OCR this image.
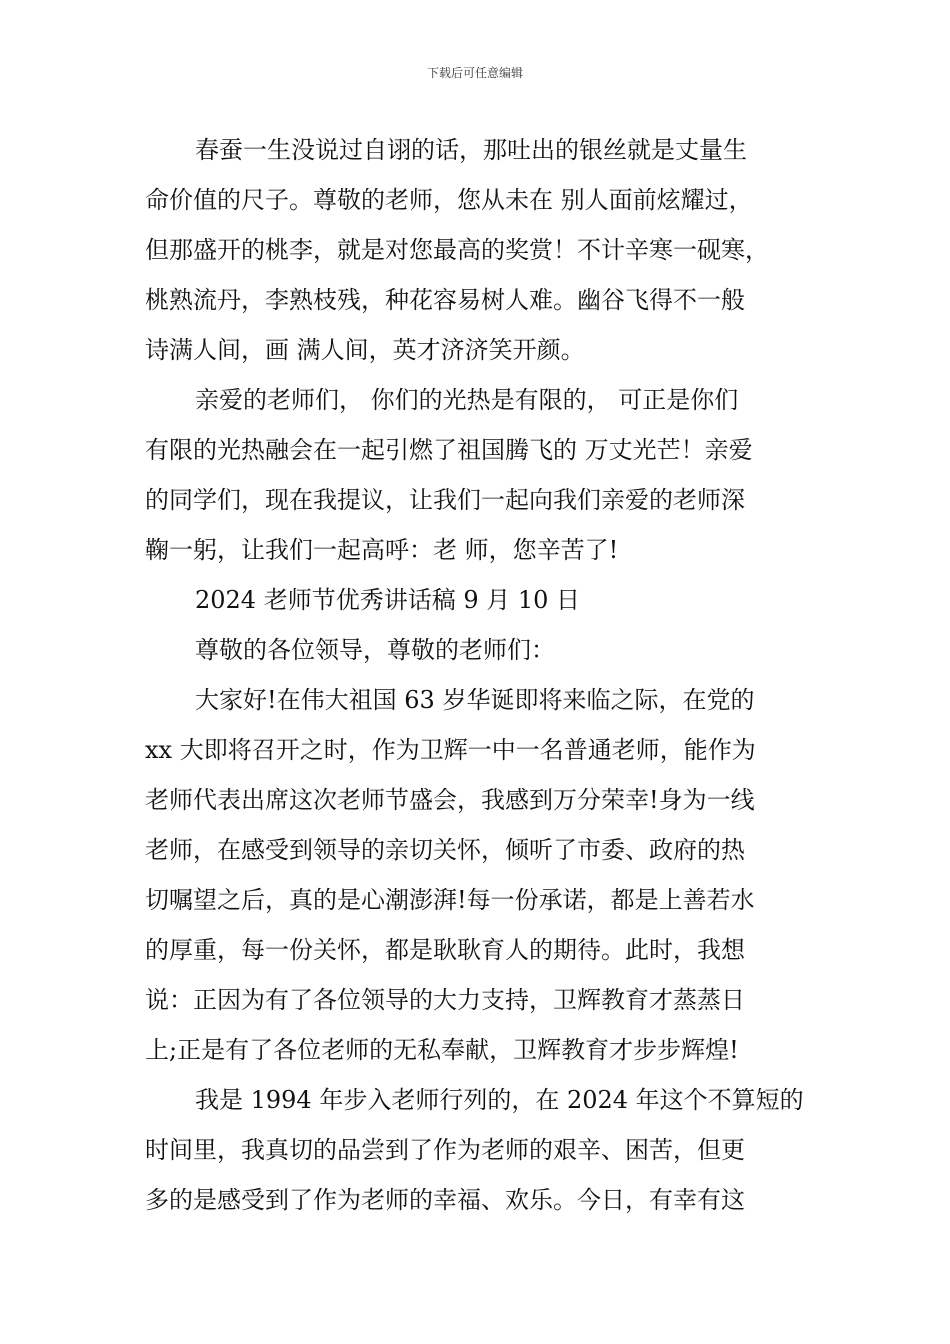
下载后可任意编辑
春蚕一生没说过自诩的话，那吐出的银丝就是丈量生
命价值的尺子。尊敬的老师，您从未在 别人面前炫耀过，
但那盛开的桃李，就是对您最高的奖赏！不计辛寒一砚寒，
桃熟流丹，李熟枝残，种花容易树人难。幽谷飞得不一般
诗满人间，画 满人间，英才济济笑开颜。
亲爱的老师们， 你们的光热是有限的， 可正是你们
有限的光热融会在一起引燃了祖国腾飞的 万丈光芒！亲爱
的同学们，现在我提议，让我们一起向我们亲爱的老师深
鞠一躬，让我们一起高呼：老 师，您辛苦了!
2024 老师节优秀讲话稿 9 月 10 日
尊敬的各位领导，尊敬的老师们：
大家好!在伟大祖国 63 岁华诞即将来临之际，在党的
xx 大即将召开之时，作为卫辉一中一名普通老师，能作为
老师代表出席这次老师节盛会，我感到万分荣幸!身为一线
老师，在感受到领导的亲切关怀，倾听了市委、政府的热
切嘱望之后，真的是心潮澎湃!每一份承诺，都是上善若水
的厚重，每一份关怀，都是耿耿育人的期待。此时，我想
说：正因为有了各位领导的大力支持，卫辉教育才蒸蒸日
上;正是有了各位老师的无私奉献，卫辉教育才步步辉煌!
我是 1994 年步入老师行列的，在 2024 年这个不算短的
时间里，我真切的品尝到了作为老师的艰辛、困苦，但更
多的是感受到了作为老师的幸福、欢乐。今日，有幸有这
